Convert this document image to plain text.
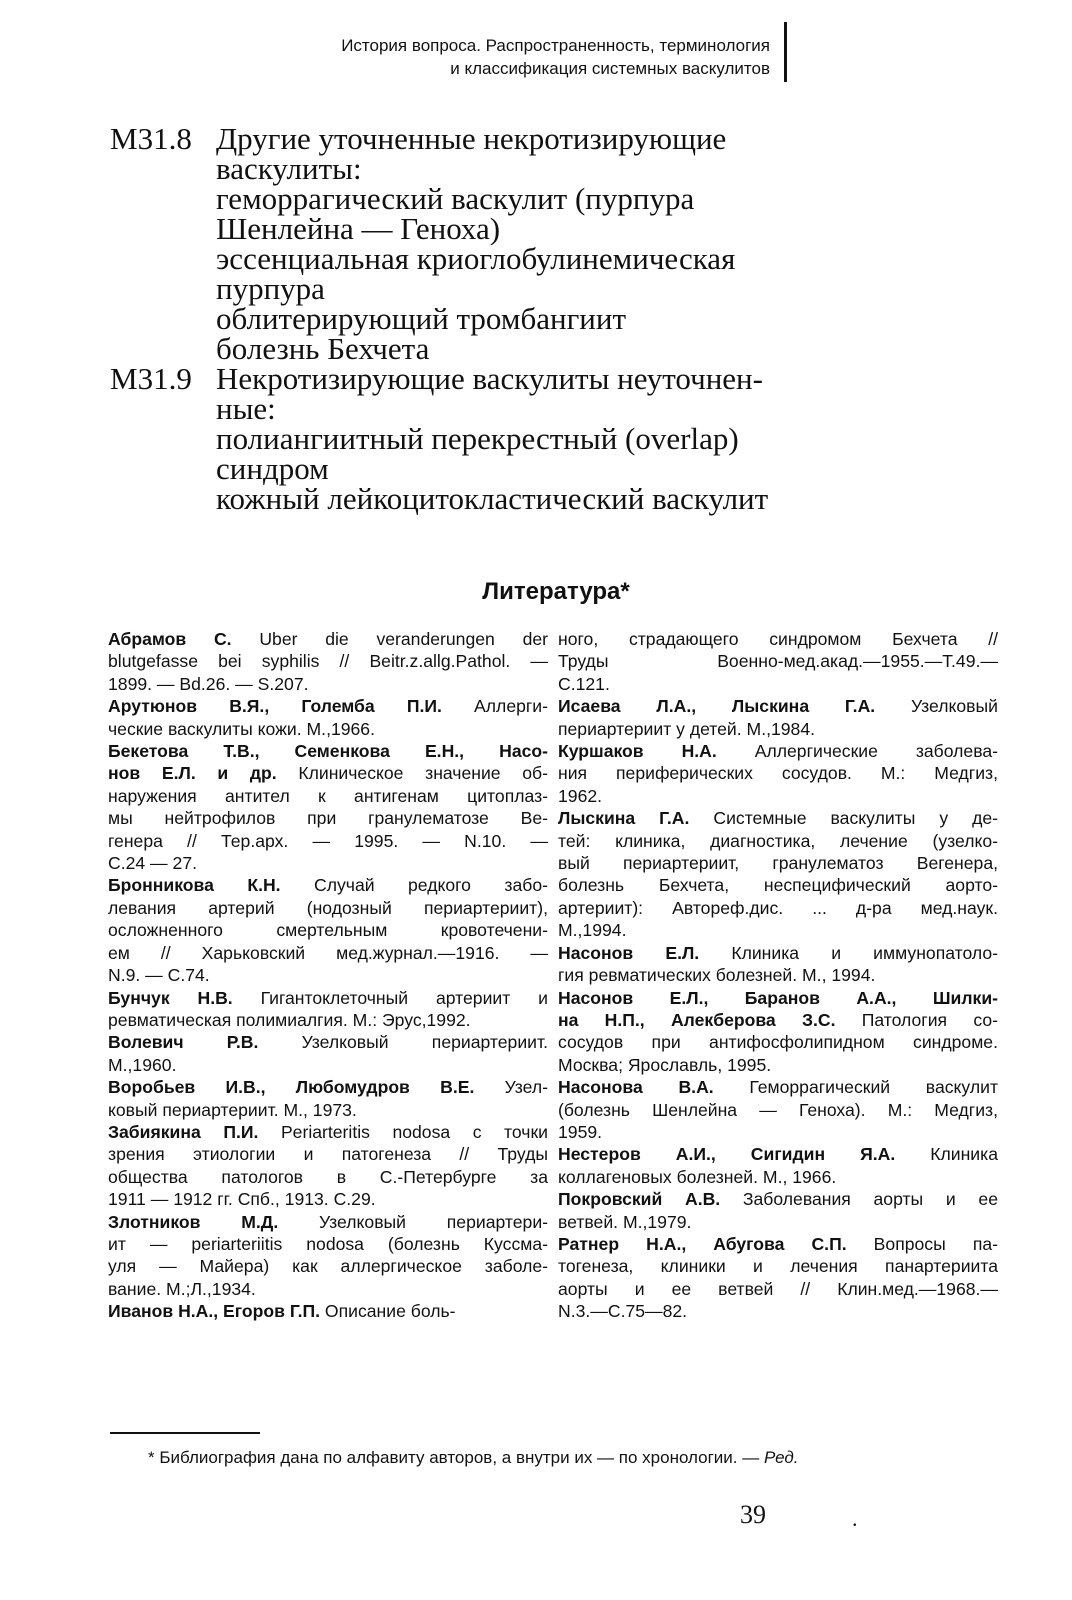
История вопроса. Распространенность, терминология
и классификация системных васкулитов
М31.8 Другие уточненные некротизирующие
васкулиты:
геморрагический васкулит (пурпура
Шенлейна — Геноха)
эссенциальная криоглобулинемическая
пурпура
облитерирующий тромбангиит
болезнь Бехчета
М31.9 Некротизирующие васкулиты неуточнен-
ные:
полиангиитный перекрестный (overlap)
синдром
кожный лейкоцитокластический васкулит
Литература*
Абрамов С. Uber die veranderungen der
blutgefasse bei syphilis // Beitr.z.allg.Pathol. —
1899. — Bd.26. — S.207.
Арутюнов В.Я., Големба П.И. Аллерги-
ческие васкулиты кожи. М.,1966.
Бекетова Т.В., Семенкова Е.Н., Насо-
нов Е.Л. и др. Клиническое значение об-
наружения антител к антигенам цитоплаз-
мы нейтрофилов при гранулематозе Ве-
генера // Тер.арх. — 1995. — N.10. —
С.24 — 27.
Бронникова К.Н. Случай редкого забо-
левания артерий (нодозный периартериит),
осложненного смертельным кровотечени-
ем // Харьковский мед.журнал.—1916. —
N.9. — С.74.
Бунчук Н.В. Гигантоклеточный артериит и
ревматическая полимиалгия. М.: Эрус,1992.
Волевич Р.В. Узелковый периартериит.
М.,1960.
Воробьев И.В., Любомудров В.Е. Узел-
ковый периартериит. М., 1973.
Забиякина П.И. Periarteritis nodosa с точки
зрения этиологии и патогенеза // Труды
общества патологов в С.-Петербурге за
1911 — 1912 гг. Спб., 1913. С.29.
Злотников М.Д. Узелковый периартери-
ит — periarteriitis nodosa (болезнь Куссма-
уля — Майера) как аллергическое заболе-
вание. М.;Л.,1934.
Иванов Н.А., Егоров Г.П. Описание боль-
ного, страдающего синдромом Бехчета //
Труды Военно-мед.акад.—1955.—Т.49.—
С.121.
Исаева Л.А., Лыскина Г.А. Узелковый
периартериит у детей. М.,1984.
Куршаков Н.А. Аллергические заболева-
ния периферических сосудов. М.: Медгиз,
1962.
Лыскина Г.А. Системные васкулиты у де-
тей: клиника, диагностика, лечение (узелко-
вый периартериит, гранулематоз Вегенера,
болезнь Бехчета, неспецифический аорто-
артериит): Автореф.дис. ... д-ра мед.наук.
М.,1994.
Насонов Е.Л. Клиника и иммунопатоло-
гия ревматических болезней. М., 1994.
Насонов Е.Л., Баранов А.А., Шилки-
на Н.П., Алекберова З.С. Патология со-
сосудов при антифосфолипидном синдроме.
Москва; Ярославль, 1995.
Насонова В.А. Геморрагический васкулит
(болезнь Шенлейна — Геноха). М.: Медгиз,
1959.
Нестеров А.И., Сигидин Я.А. Клиника
коллагеновых болезней. М., 1966.
Покровский А.В. Заболевания аорты и ее
ветвей. М.,1979.
Ратнер Н.А., Абугова С.П. Вопросы па-
тогенеза, клиники и лечения панартериита
аорты и ее ветвей // Клин.мед.—1968.—
N.3.—С.75—82.
* Библиография дана по алфавиту авторов, а внутри их — по хронологии. — Ред.
39	.
